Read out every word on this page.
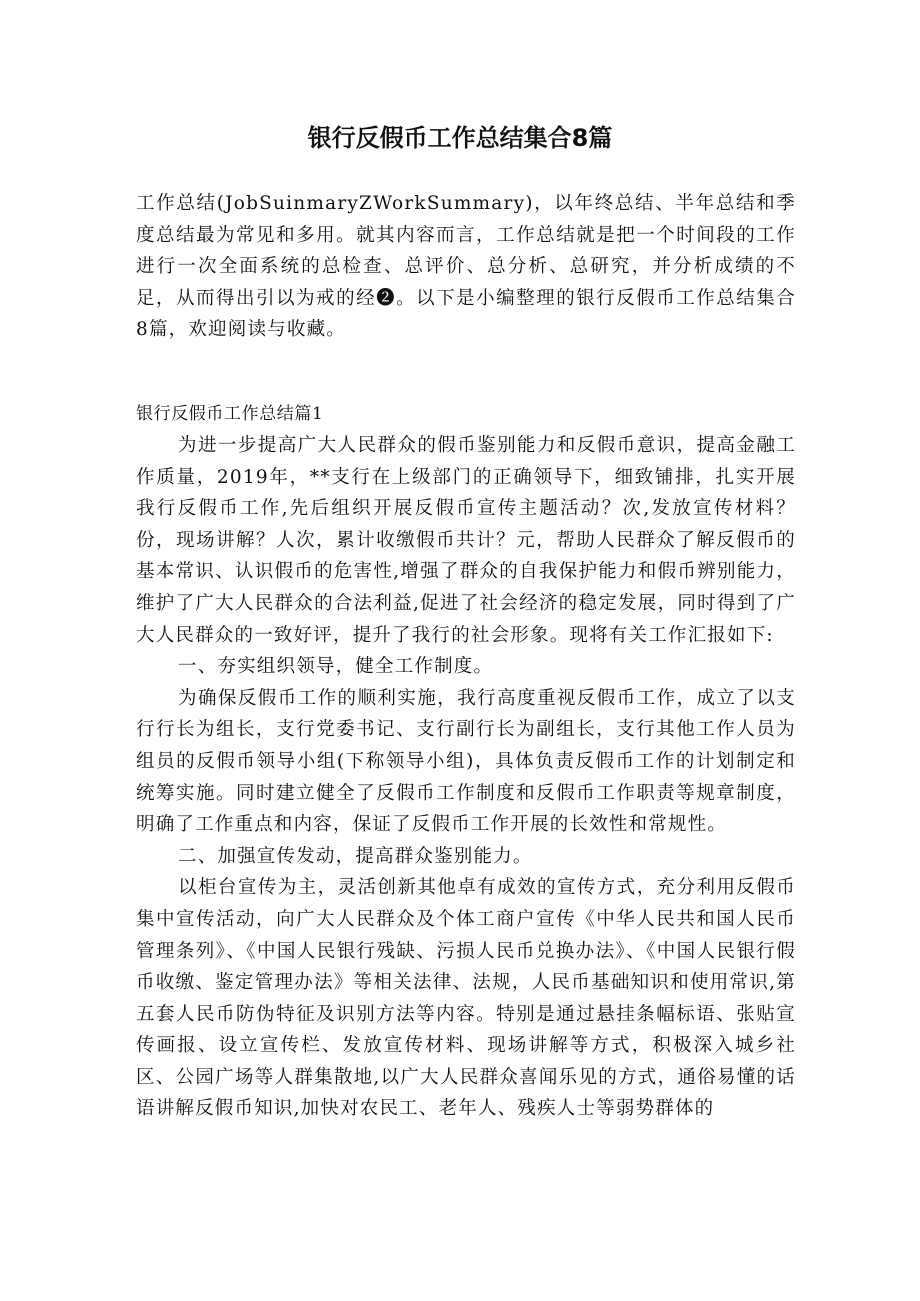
银行反假币工作总结集合8篇

工作总结(JobSuinmaryZWorkSummary)，以年终总结、半年总结和季度总结最为常见和多用。就其内容而言，工作总结就是把一个时间段的工作进行一次全面系统的总检查、总评价、总分析、总研究，并分析成绩的不足，从而得出引以为戒的经❷。以下是小编整理的银行反假币工作总结集合8篇，欢迎阅读与收藏。

银行反假币工作总结篇1

为进一步提高广大人民群众的假币鉴别能力和反假币意识，提高金融工作质量，2019年，**支行在上级部门的正确领导下，细致铺排，扎实开展我行反假币工作,先后组织开展反假币宣传主题活动？次,发放宣传材料？份，现场讲解？人次，累计收缴假币共计？元，帮助人民群众了解反假币的基本常识、认识假币的危害性,增强了群众的自我保护能力和假币辨别能力，维护了广大人民群众的合法利益,促进了社会经济的稳定发展，同时得到了广大人民群众的一致好评，提升了我行的社会形象。现将有关工作汇报如下:

一、夯实组织领导，健全工作制度。

为确保反假币工作的顺利实施，我行高度重视反假币工作，成立了以支行行长为组长，支行党委书记、支行副行长为副组长，支行其他工作人员为组员的反假币领导小组(下称领导小组)，具体负责反假币工作的计划制定和统筹实施。同时建立健全了反假币工作制度和反假币工作职责等规章制度，明确了工作重点和内容，保证了反假币工作开展的长效性和常规性。

二、加强宣传发动，提高群众鉴别能力。

以柜台宣传为主，灵活创新其他卓有成效的宣传方式，充分利用反假币集中宣传活动，向广大人民群众及个体工商户宣传《中华人民共和国人民币管理条列》、《中国人民银行残缺、污损人民币兑换办法》、《中国人民银行假币收缴、鉴定管理办法》等相关法律、法规，人民币基础知识和使用常识,第五套人民币防伪特征及识别方法等内容。特别是通过悬挂条幅标语、张贴宣传画报、设立宣传栏、发放宣传材料、现场讲解等方式，积极深入城乡社区、公园广场等人群集散地,以广大人民群众喜闻乐见的方式，通俗易懂的话语讲解反假币知识,加快对农民工、老年人、残疾人士等弱势群体的
